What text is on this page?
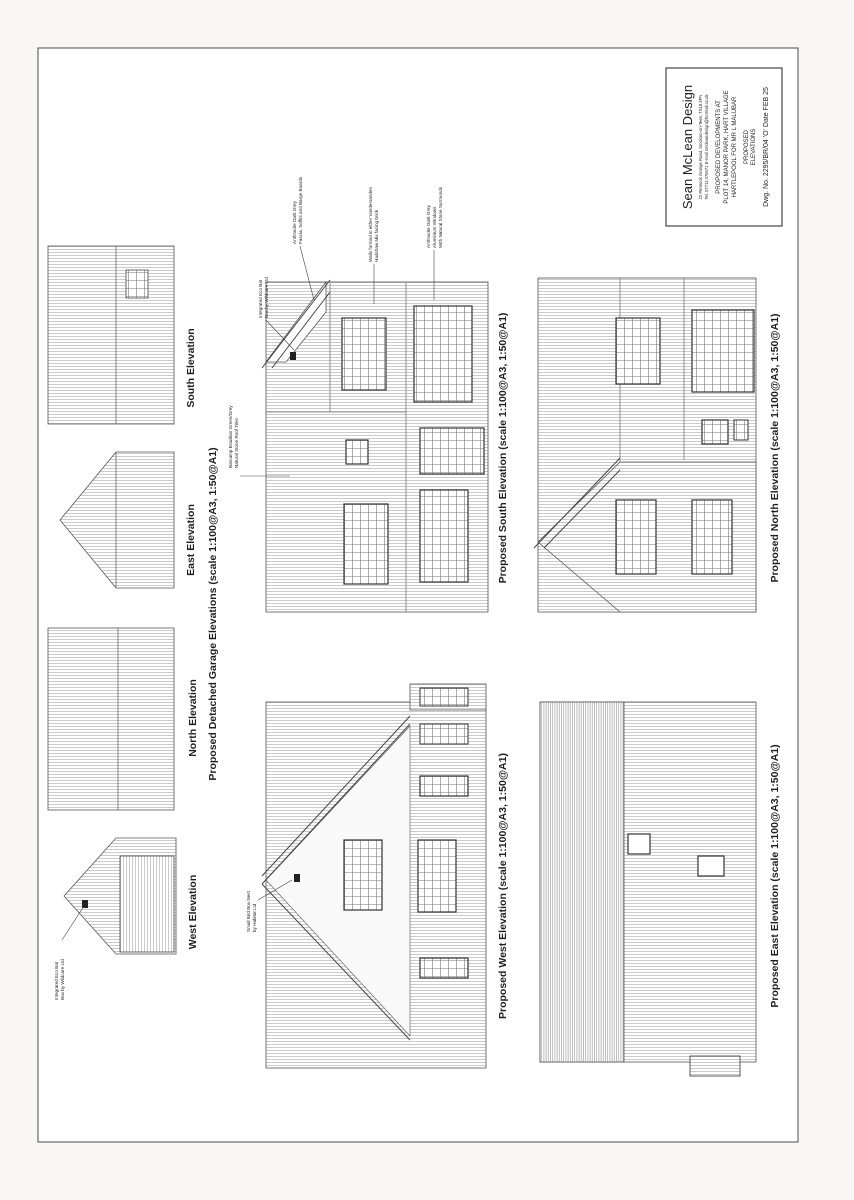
Sean McLean Design 22 Pennock Grange Road, Stockton-on-Tees, TS18 3PN Tel. 07711 078471 E-mail smcleandesign@hotmail.co.uk PROPOSED DEVELOPMENTS AT PLOT 14, MANOR PARK, HART VILLAGE HARTLEPOOL FOR MR L MALUBAR PROPOSED ELEVATIONS Dwg. No. 2295/BR/04 'O' Date FEB 25
South Elevation
East Elevation
North Elevation
West Elevation
Proposed Detached Garage Elevations (scale 1:100@A3, 1:50@A1)
Integrated Eco Bat Box by Wildcare Ltd
Proposed South Elevation (scale 1:100@A3, 1:50@A1)
Anthracite Dark Grey Fascia, Soffits and Barge Boards	Walls formed in either Vandersanden Hadshaw Mix facing brick	Anthracite Dark Grey Aluminium Windows With Natural Stone Surrounds
Integrated Eco Bat Box by Wildcare Ltd
Barcamp Brazilian Green/Grey Natural Stone Roof Tiles
Small Bird Box Nest by Habitat Ltd	Proposed West Elevation (scale 1:100@A3, 1:50@A1)
Proposed North Elevation (scale 1:100@A3, 1:50@A1)
Proposed East Elevation (scale 1:100@A3, 1:50@A1)
